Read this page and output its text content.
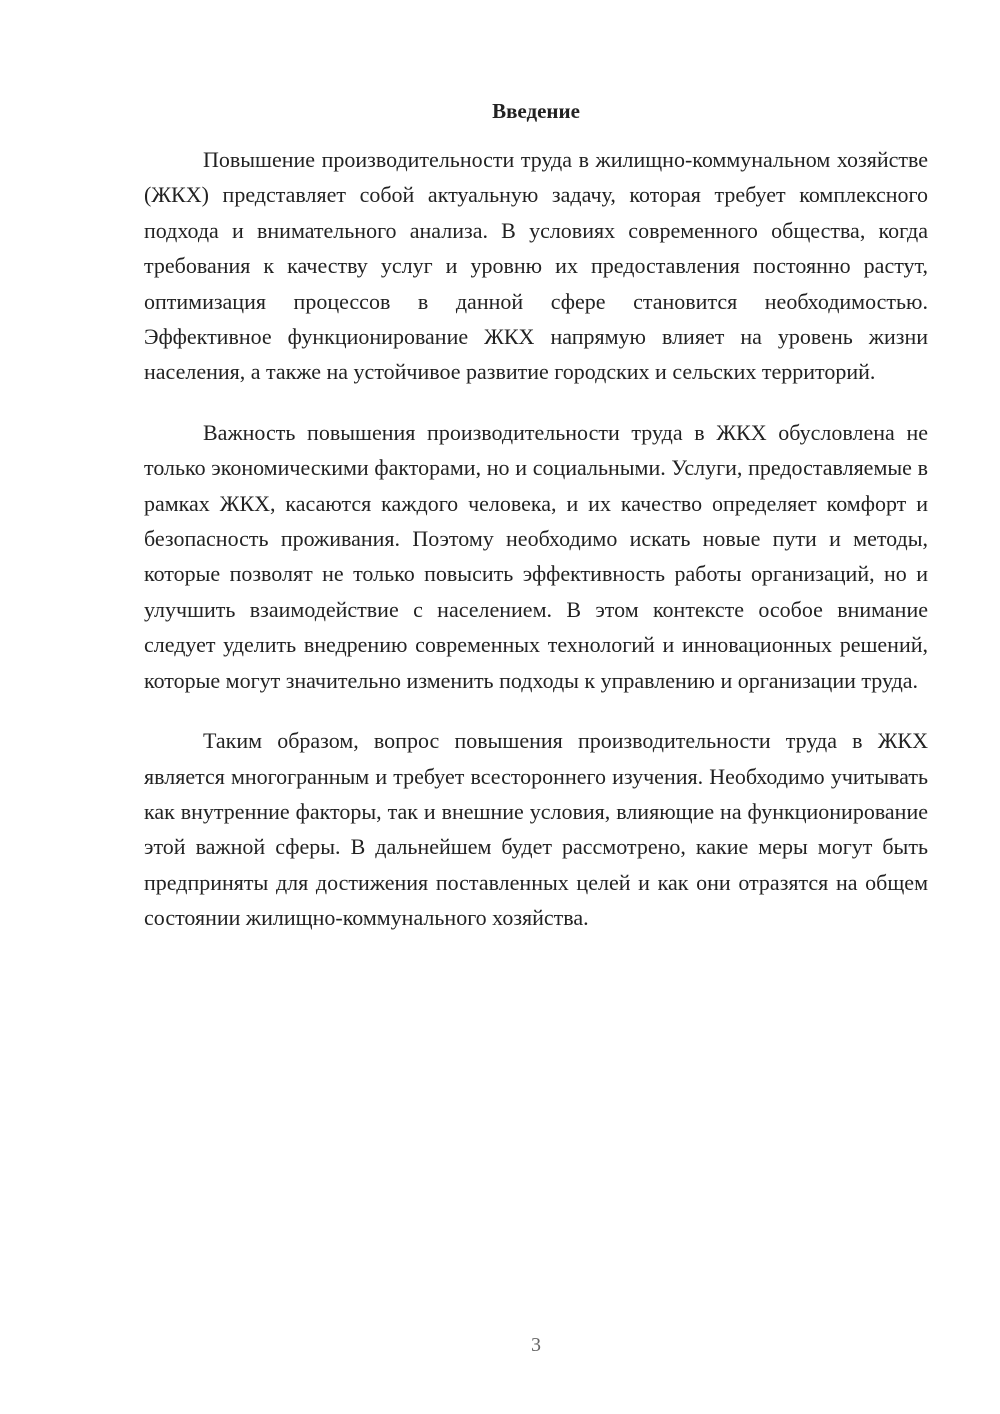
Введение

Повышение производительности труда в жилищно-коммунальном хозяйстве (ЖКХ) представляет собой актуальную задачу, которая требует комплексного подхода и внимательного анализа. В условиях современного общества, когда требования к качеству услуг и уровню их предоставления постоянно растут, оптимизация процессов в данной сфере становится необходимостью. Эффективное функционирование ЖКХ напрямую влияет на уровень жизни населения, а также на устойчивое развитие городских и сельских территорий.

Важность повышения производительности труда в ЖКХ обусловлена не только экономическими факторами, но и социальными. Услуги, предоставляемые в рамках ЖКХ, касаются каждого человека, и их качество определяет комфорт и безопасность проживания. Поэтому необходимо искать новые пути и методы, которые позволят не только повысить эффективность работы организаций, но и улучшить взаимодействие с населением. В этом контексте особое внимание следует уделить внедрению современных технологий и инновационных решений, которые могут значительно изменить подходы к управлению и организации труда.

Таким образом, вопрос повышения производительности труда в ЖКХ является многогранным и требует всестороннего изучения. Необходимо учитывать как внутренние факторы, так и внешние условия, влияющие на функционирование этой важной сферы. В дальнейшем будет рассмотрено, какие меры могут быть предприняты для достижения поставленных целей и как они отразятся на общем состоянии жилищно-коммунального хозяйства.

3
